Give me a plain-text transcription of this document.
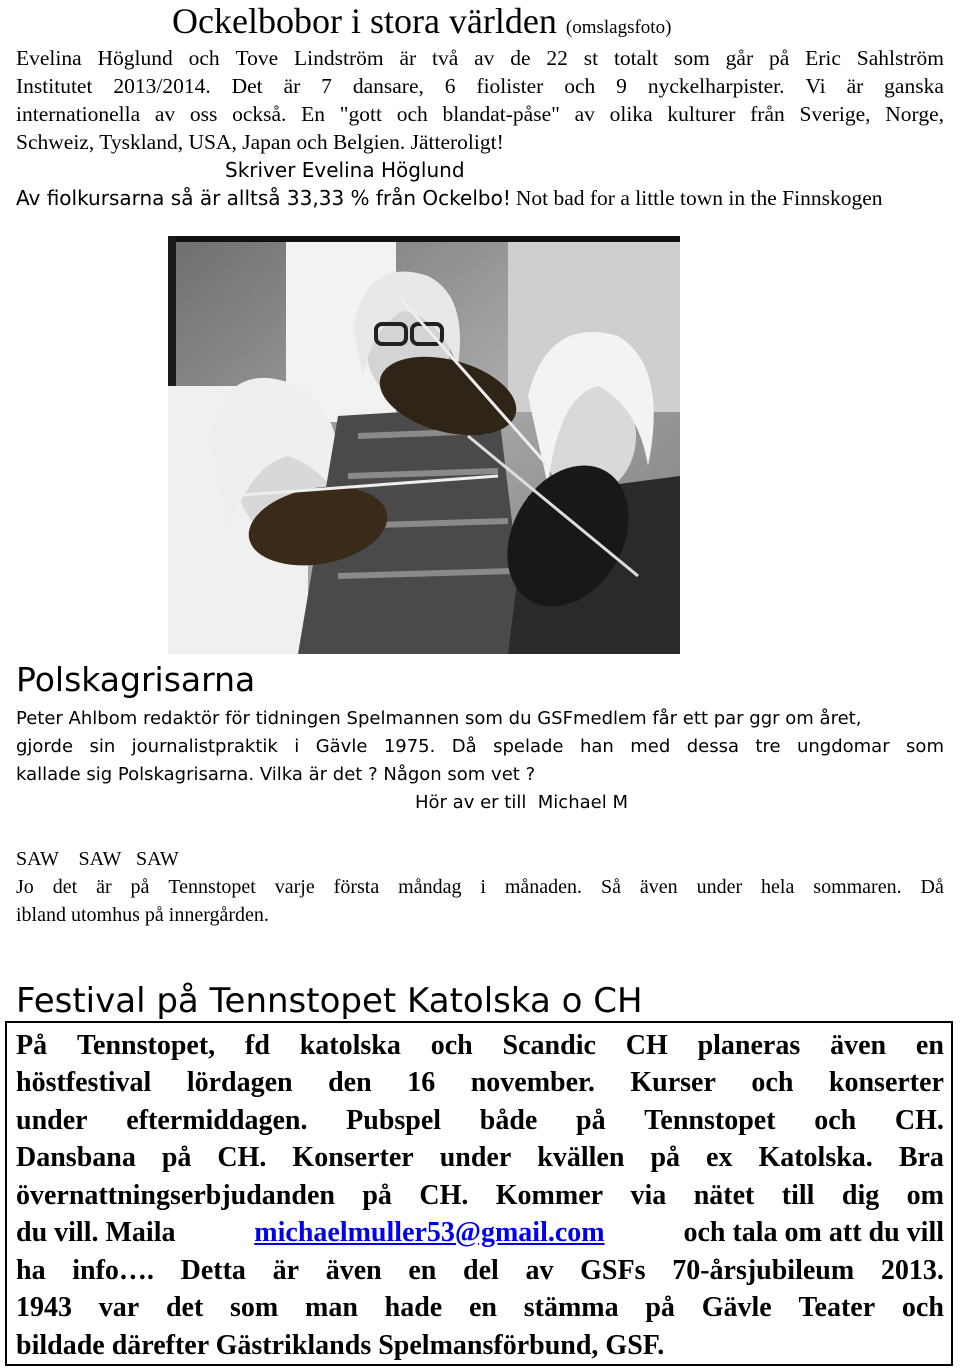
Ockelbobor i stora världen (omslagsfoto)
Evelina Höglund och Tove Lindström är två av de 22 st totalt som går på Eric Sahlström
Institutet 2013/2014. Det är 7 dansare, 6 fiolister och 9 nyckelharpister. Vi är ganska
internationella av oss också. En "gott och blandat-påse" av olika kulturer från Sverige, Norge,
Schweiz, Tyskland, USA, Japan och Belgien. Jätteroligt!
Skriver Evelina Höglund
Av fiolkursarna så är alltså 33,33 % från Ockelbo! Not bad for a little town in the Finnskogen
Polskagrisarna
Peter Ahlbom redaktör för tidningen Spelmannen som du GSFmedlem får ett par ggr om året,
gjorde sin journalistpraktik i Gävle 1975. Då spelade han med dessa tre ungdomar som
kallade sig Polskagrisarna. Vilka är det ? Någon som vet ?
Hör av er till  Michael M
SAW    SAW   SAW
Jo det är på Tennstopet varje första måndag i månaden. Så även under hela sommaren. Då
ibland utomhus på innergården.
Festival på Tennstopet Katolska o CH
På Tennstopet, fd katolska och Scandic CH planeras även en
höstfestival lördagen den 16 november. Kurser och konserter
under eftermiddagen. Pubspel både på Tennstopet och CH.
Dansbana på CH. Konserter under kvällen på ex Katolska. Bra
övernattningserbjudanden på CH. Kommer via nätet till dig om
du vill. Maila	michaelmuller53@gmail.com	och tala om att du vill
ha info…. Detta är även en del av GSFs 70-årsjubileum 2013.
1943 var det som man hade en stämma på Gävle Teater och
bildade därefter Gästriklands Spelmansförbund, GSF.
